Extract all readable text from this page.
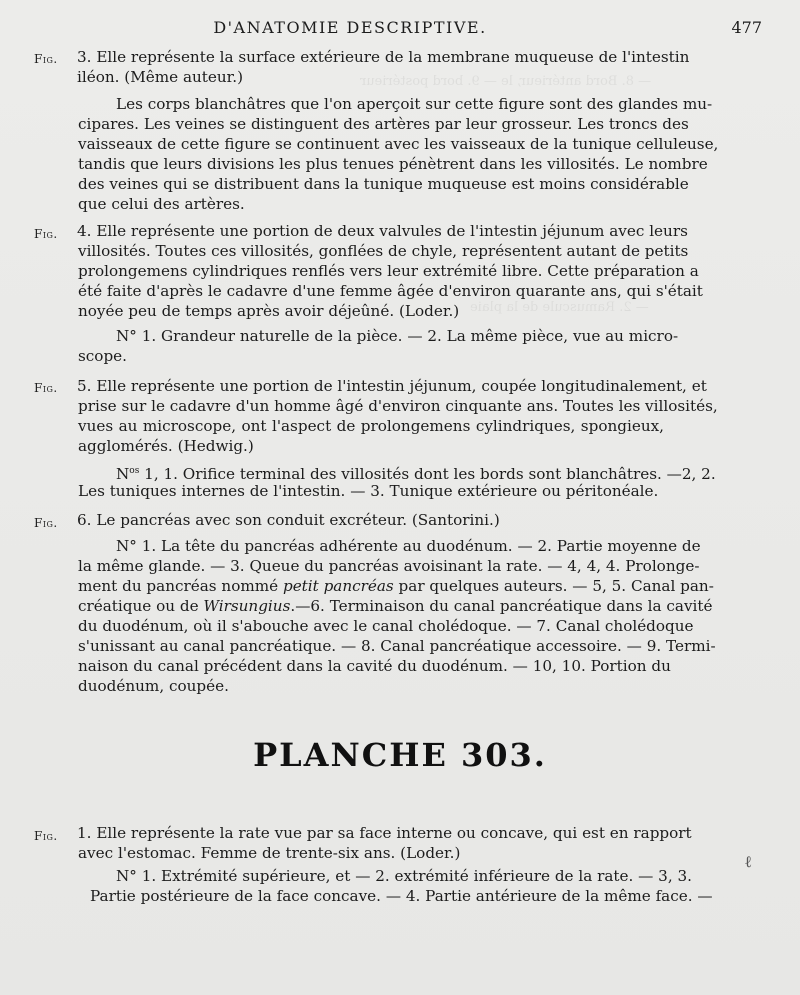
— 8. Bord antérieur, le — 9. bord postérieur
— 2. Ramuscule de la plaie
D'ANATOMIE DESCRIPTIVE.	477
Fig. 3. Elle représente la surface extérieure de la membrane muqueuse de l'intestin
iléon. (Même auteur.)
Les corps blanchâtres que l'on aperçoit sur cette figure sont des glandes mu-
cipares. Les veines se distinguent des artères par leur grosseur. Les troncs des
vaisseaux de cette figure se continuent avec les vaisseaux de la tunique celluleuse,
tandis que leurs divisions les plus tenues pénètrent dans les villosités. Le nombre
des veines qui se distribuent dans la tunique muqueuse est moins considérable
que celui des artères.
Fig. 4. Elle représente une portion de deux valvules de l'intestin jéjunum avec leurs
villosités. Toutes ces villosités, gonflées de chyle, représentent autant de petits
prolongemens cylindriques renflés vers leur extrémité libre. Cette préparation a
été faite d'après le cadavre d'une femme âgée d'environ quarante ans, qui s'était
noyée peu de temps après avoir déjeûné. (Loder.)
N° 1. Grandeur naturelle de la pièce. — 2. La même pièce, vue au micro-
scope.
Fig. 5. Elle représente une portion de l'intestin jéjunum, coupée longitudinalement, et
prise sur le cadavre d'un homme âgé d'environ cinquante ans. Toutes les villosités,
vues au microscope, ont l'aspect de prolongemens cylindriques, spongieux,
agglomérés. (Hedwig.)
$N^{os}$ 1, 1. Orifice terminal des villosités dont les bords sont blanchâtres. —2, 2.
Les tuniques internes de l'intestin. — 3. Tunique extérieure ou péritonéale.
Fig. 6. Le pancréas avec son conduit excréteur. (Santorini.)
N° 1. La tête du pancréas adhérente au duodénum. — 2. Partie moyenne de
la même glande. — 3. Queue du pancréas avoisinant la rate. — 4, 4, 4. Prolonge-
ment du pancréas nommé petit pancréas par quelques auteurs. — 5, 5. Canal pan-
créatique ou de Wirsungius.—6. Terminaison du canal pancréatique dans la cavité
du duodénum, où il s'abouche avec le canal cholédoque. — 7. Canal cholédoque
s'unissant au canal pancréatique. — 8. Canal pancréatique accessoire. — 9. Termi-
naison du canal précédent dans la cavité du duodénum. — 10, 10. Portion du
duodénum, coupée.
PLANCHE 303.
Fig. 1. Elle représente la rate vue par sa face interne ou concave, qui est en rapport
avec l'estomac. Femme de trente-six ans. (Loder.)
N° 1. Extrémité supérieure, et — 2. extrémité inférieure de la rate. — 3, 3.
Partie postérieure de la face concave. — 4. Partie antérieure de la même face. —
ℓ
